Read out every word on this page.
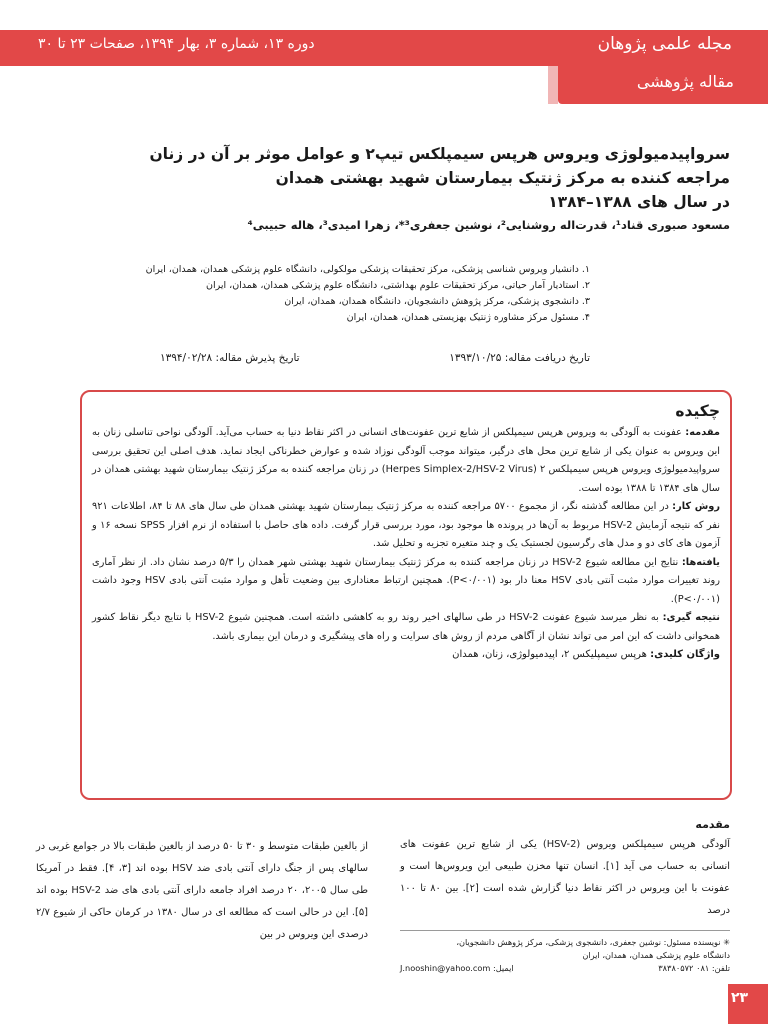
مجله علمی پژوهان
دوره ۱۳، شماره ۳، بهار ۱۳۹۴، صفحات ۲۳ تا ۳۰
مقاله پژوهشی
سرواپیدمیولوژی ویروس هرپس سیمپلکس تیپ۲ و عوامل موثر بر آن در زنان
مراجعه کننده به مرکز ژنتیک بیمارستان شهید بهشتی همدان
در سال های ۱۳۸۸–۱۳۸۴
مسعود صبوری قناد¹، قدرت‌اله روشنایی²، نوشین جعفری³*، زهرا امیدی³، هاله حبیبی⁴
۱. دانشیار ویروس شناسی پزشکی، مرکز تحقیقات پزشکی مولکولی، دانشگاه علوم پزشکی همدان، همدان، ایران
۲. استادیار آمار حیاتی، مرکز تحقیقات علوم بهداشتی، دانشگاه علوم پزشکی همدان، همدان، ایران
۳. دانشجوی پزشکی، مرکز پژوهش دانشجویان، دانشگاه همدان، همدان، ایران
۴. مسئول مرکز مشاوره ژنتیک بهزیستی همدان، همدان، ایران
تاریخ دریافت مقاله: ۱۳۹۳/۱۰/۲۵
تاریخ پذیرش مقاله: ۱۳۹۴/۰۲/۲۸
چکیده

مقدمه: عفونت به آلودگی به ویروس هرپس سیمپلکس از شایع ترین عفونت‌های انسانی در اکثر نقاط دنیا به حساب می‌آید. آلودگی نواحی تناسلی زنان به این ویروس به عنوان یکی از شایع ترین محل های درگیر، میتواند موجب آلودگی نوزاد شده و عوارض خطرناکی ایجاد نماید. هدف اصلی این تحقیق بررسی سرواپیدمیولوژی ویروس هرپس سیمپلکس ۲ (Herpes Simplex-2/HSV-2 Virus) در زنان مراجعه کننده به مرکز ژنتیک بیمارستان شهید بهشتی همدان در سال های ۱۳۸۴ تا ۱۳۸۸ بوده است.

روش کار: در این مطالعه گذشته نگر، از مجموع ۵۷۰۰ مراجعه کننده به مرکز ژنتیک بیمارستان شهید بهشتی همدان طی سال های ۸۸ تا ۸۴، اطلاعات ۹۲۱ نفر که نتیجه آزمایش HSV-2 مربوط به آن‌ها در پرونده ها موجود بود، مورد بررسی قرار گرفت. داده های حاصل با استفاده از نرم افزار SPSS نسخه ۱۶ و آزمون های کای دو و مدل های رگرسیون لجستیک یک و چند متغیره تجزیه و تحلیل شد.

یافته‌ها: نتایج این مطالعه شیوع HSV-2 در زنان مراجعه کننده به مرکز ژنتیک بیمارستان شهید بهشتی شهر همدان را ۵/۳ درصد نشان داد. از نظر آماری روند تغییرات موارد مثبت آنتی بادی HSV معنا دار بود (P<۰/۰۰۱). همچنین ارتباط معناداری بین وضعیت تأهل و موارد مثبت آنتی بادی HSV وجود داشت (P<۰/۰۰۱).

نتیجه گیری: به نظر میرسد شیوع عفونت HSV-2 در طی سالهای اخیر روند رو به کاهشی داشته است. همچنین شیوع HSV-2 با نتایج دیگر نقاط کشور همخوانی داشت که این امر می تواند نشان از آگاهی مردم از روش های سرایت و راه های پیشگیری و درمان این بیماری باشد.

واژگان کلیدی: هرپس سیمپلیکس ۲، اپیدمیولوژی، زنان، همدان

مقدمه
آلودگی هرپس سیمپلکس ویروس (HSV-2) یکی از شایع ترین عفونت های انسانی به حساب می آید [۱]. انسان تنها مخزن طبیعی این ویروس‌ها است و عفونت با این ویروس در اکثر نقاط دنیا گزارش شده است [۲]. بین ۸۰ تا ۱۰۰ درصد
از بالغین طبقات متوسط و ۳۰ تا ۵۰ درصد از بالغین طبقات بالا در جوامع غربی در سالهای پس از جنگ دارای آنتی بادی ضد HSV بوده اند [۳، ۴]. فقط در آمریکا طی سال ۲۰۰۵، ۲۰ درصد افراد جامعه دارای آنتی بادی های ضد HSV-2 بوده اند [۵]. این در حالی است که مطالعه ای در سال ۱۳۸۰ در کرمان حاکی از شیوع ۲/۷ درصدی این ویروس در بین
✳ نویسنده مسئول: نوشین جعفری، دانشجوی پزشکی، مرکز پژوهش دانشجویان،
دانشگاه علوم پزشکی همدان، همدان، ایران
تلفن: ۰۸۱ ۳۸۳۸۰۵۷۲
ایمیل: J.nooshin@yahoo.com
۲۳
